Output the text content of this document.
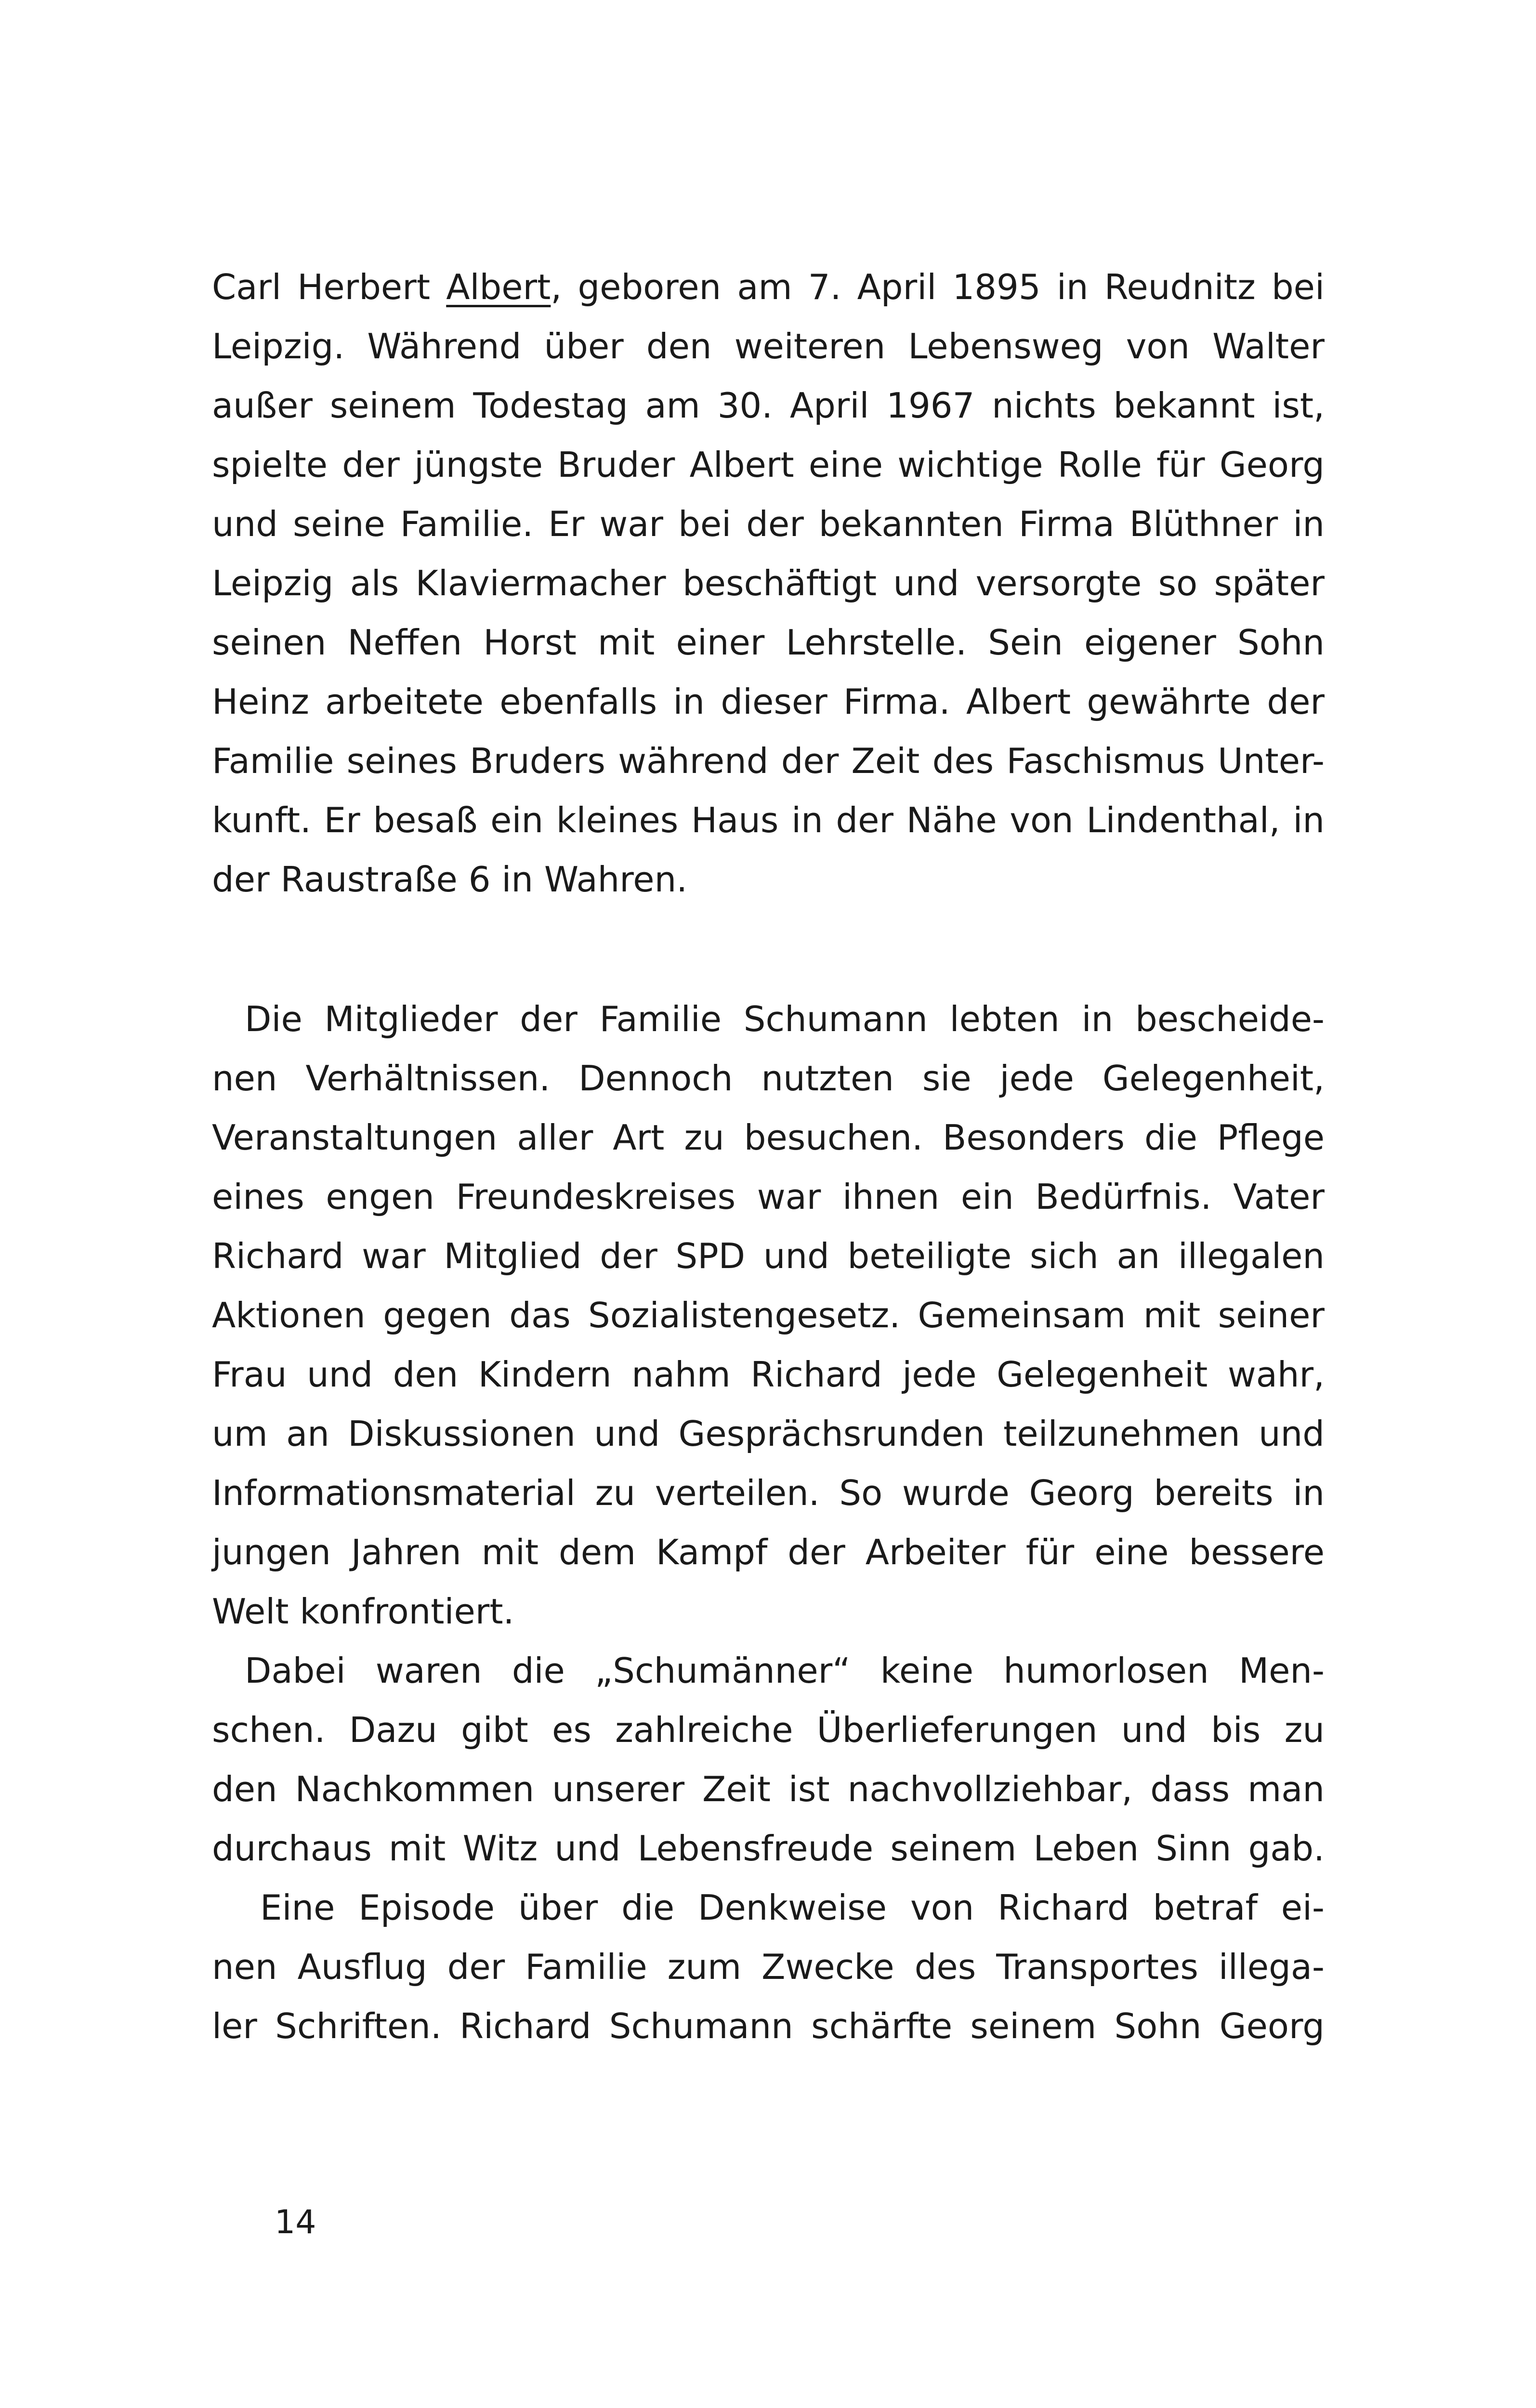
Carl Herbert Albert, geboren am 7. April 1895 in Reudnitz bei
Leipzig. Während über den weiteren Lebensweg von Walter
außer seinem Todestag am 30. April 1967 nichts bekannt ist,
spielte der jüngste Bruder Albert eine wichtige Rolle für Georg
und seine Familie. Er war bei der bekannten Firma Blüthner in
Leipzig als Klaviermacher beschäftigt und versorgte so später
seinen Neffen Horst mit einer Lehrstelle. Sein eigener Sohn
Heinz arbeitete ebenfalls in dieser Firma. Albert gewährte der
Familie seines Bruders während der Zeit des Faschismus Unter-
kunft. Er besaß ein kleines Haus in der Nähe von Lindenthal, in
der Raustraße 6 in Wahren.
Die Mitglieder der Familie Schumann lebten in bescheide-
nen Verhältnissen. Dennoch nutzten sie jede Gelegenheit,
Veranstaltungen aller Art zu besuchen. Besonders die Pflege
eines engen Freundeskreises war ihnen ein Bedürfnis. Vater
Richard war Mitglied der SPD und beteiligte sich an illegalen
Aktionen gegen das Sozialistengesetz. Gemeinsam mit seiner
Frau und den Kindern nahm Richard jede Gelegenheit wahr,
um an Diskussionen und Gesprächsrunden teilzunehmen und
Informationsmaterial zu verteilen. So wurde Georg bereits in
jungen Jahren mit dem Kampf der Arbeiter für eine bessere
Welt konfrontiert.
Dabei waren die „Schumänner“ keine humorlosen Men-
schen. Dazu gibt es zahlreiche Überlieferungen und bis zu
den Nachkommen unserer Zeit ist nachvollziehbar, dass man
durchaus mit Witz und Lebensfreude seinem Leben Sinn gab.
Eine Episode über die Denkweise von Richard betraf ei-
nen Ausflug der Familie zum Zwecke des Transportes illega-
ler Schriften. Richard Schumann schärfte seinem Sohn Georg
14
